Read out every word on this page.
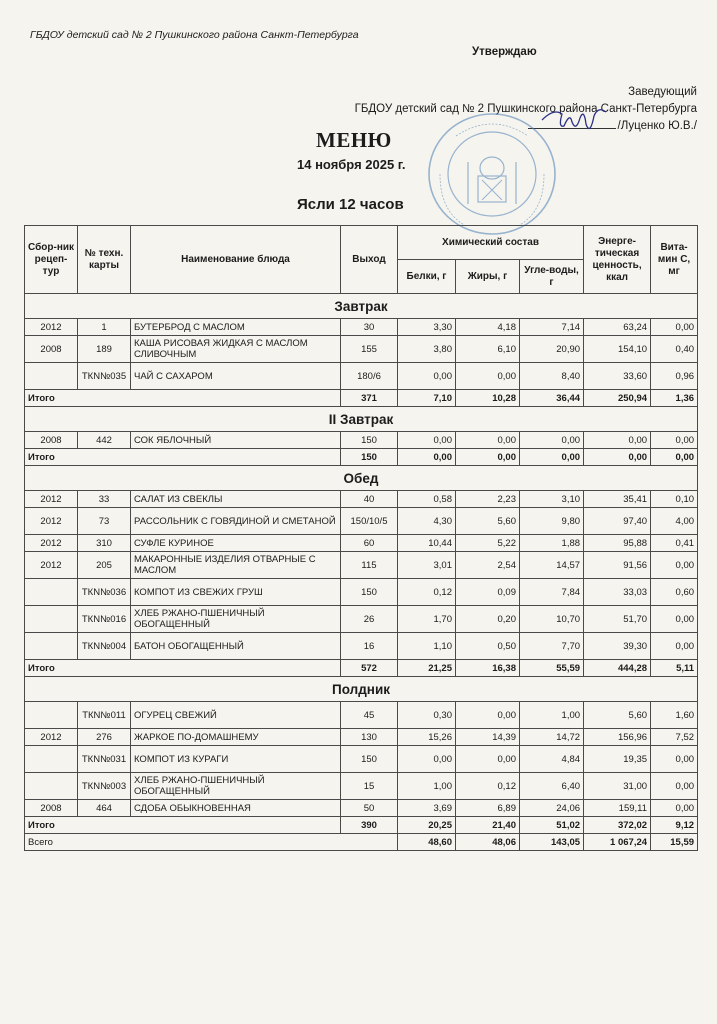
ГБДОУ детский сад № 2 Пушкинского района Санкт-Петербурга
Утверждаю
Заведующий
ГБДОУ детский сад № 2 Пушкинского района Санкт-Петербурга
/Луценко Ю.В./
МЕНЮ
14 ноября 2025 г.
Ясли 12 часов
Сбор-ник рецеп-тур	№ техн. карты	Наименование блюда	Выход	Химический состав			Энерге-тическая ценность, ккал	Вита-мин С, мг
				Белки, г	Жиры, г	Угле-воды, г		
Завтрак								
2012	1	БУТЕРБРОД С МАСЛОМ	30	3,30	4,18	7,14	63,24	0,00
2008	189	КАША РИСОВАЯ ЖИДКАЯ С МАСЛОМ СЛИВОЧНЫМ	155	3,80	6,10	20,90	154,10	0,40
	ТКN№035	ЧАЙ С САХАРОМ	180/6	0,00	0,00	8,40	33,60	0,96
Итого			371	7,10	10,28	36,44	250,94	1,36
II Завтрак								
2008	442	СОК ЯБЛОЧНЫЙ	150	0,00	0,00	0,00	0,00	0,00
Итого			150	0,00	0,00	0,00	0,00	0,00
Обед								
2012	33	САЛАТ ИЗ СВЕКЛЫ	40	0,58	2,23	3,10	35,41	0,10
2012	73	РАССОЛЬНИК С ГОВЯДИНОЙ И СМЕТАНОЙ	150/10/5	4,30	5,60	9,80	97,40	4,00
2012	310	СУФЛЕ КУРИНОЕ	60	10,44	5,22	1,88	95,88	0,41
2012	205	МАКАРОННЫЕ ИЗДЕЛИЯ ОТВАРНЫЕ С МАСЛОМ	115	3,01	2,54	14,57	91,56	0,00
	ТКN№036	КОМПОТ ИЗ СВЕЖИХ ГРУШ	150	0,12	0,09	7,84	33,03	0,60
	ТКN№016	ХЛЕБ РЖАНО-ПШЕНИЧНЫЙ ОБОГАЩЕННЫЙ	26	1,70	0,20	10,70	51,70	0,00
	ТКN№004	БАТОН ОБОГАЩЕННЫЙ	16	1,10	0,50	7,70	39,30	0,00
Итого			572	21,25	16,38	55,59	444,28	5,11
Полдник								
	ТКN№011	ОГУРЕЦ СВЕЖИЙ	45	0,30	0,00	1,00	5,60	1,60
2012	276	ЖАРКОЕ ПО-ДОМАШНЕМУ	130	15,26	14,39	14,72	156,96	7,52
	ТКN№031	КОМПОТ ИЗ КУРАГИ	150	0,00	0,00	4,84	19,35	0,00
	ТКN№003	ХЛЕБ РЖАНО-ПШЕНИЧНЫЙ ОБОГАЩЕННЫЙ	15	1,00	0,12	6,40	31,00	0,00
2008	464	СДОБА ОБЫКНОВЕННАЯ	50	3,69	6,89	24,06	159,11	0,00
Итого			390	20,25	21,40	51,02	372,02	9,12
Всего				48,60	48,06	143,05	1 067,24	15,59
